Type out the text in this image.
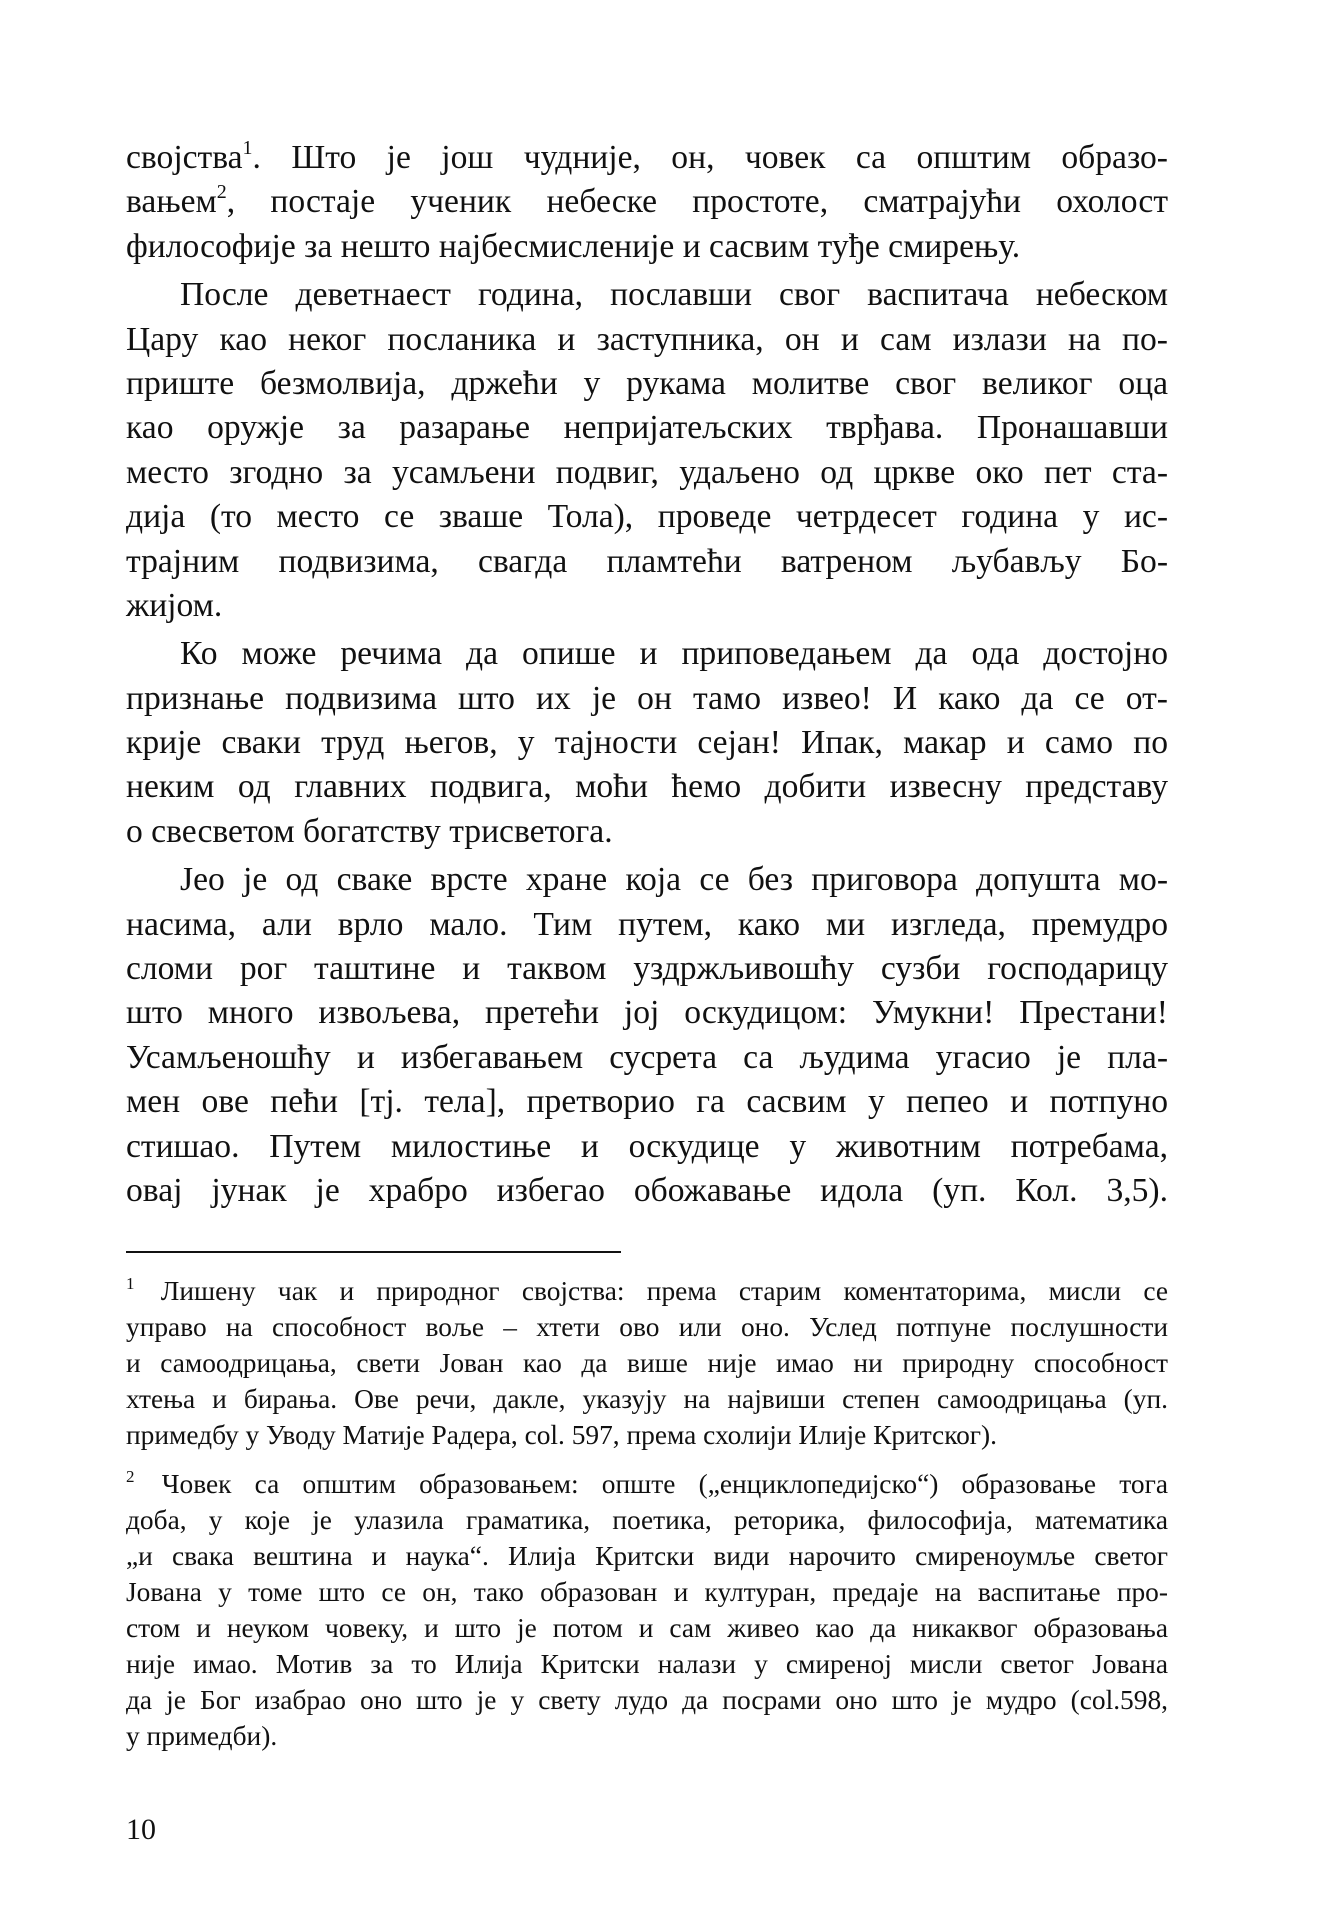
својства$^1$. Што је још чудније, он, човек са општим образо-
вањем$^2$, постаје ученик небеске простоте, сматрајући охолост
философије за нешто најбесмисленије и сасвим туђе смирењу.
После деветнаест година, пославши свог васпитача небеском
Цару као неког посланика и заступника, он и сам излази на по-
приште безмолвија, држећи у рукама молитве свог великог оца
као оружје за разарање непријатељских тврђава. Пронашавши
место згодно за усамљени подвиг, удаљено од цркве око пет ста-
дија (то место се зваше Тола), проведе четрдесет година у ис-
трајним подвизима, свагда пламтећи ватреном љубављу Бо-
жијом.
Ко може речима да опише и приповедањем да ода достојно
признање подвизима што их је он тамо извео! И како да се от-
крије сваки труд његов, у тајности сејан! Ипак, макар и само по
неким од главних подвига, моћи ћемо добити извесну представу
о свесветом богатству трисветога.
Јео је од сваке врсте хране која се без приговора допушта мо-
насима, али врло мало. Тим путем, како ми изгледа, премудро
сломи рог таштине и таквом уздржљивошћу сузби господарицу
што много извољева, претећи јој оскудицом: Умукни! Престани!
Усамљеношћу и избегавањем сусрета са људима угасио је пла-
мен ове пећи [тј. тела], претворио га сасвим у пепео и потпуно
стишао. Путем милостиње и оскудице у животним потребама,
овај јунак је храбро избегао обожавање идола (уп. Кол. 3,5).
$^1$ Лишену чак и природног својства: према старим коментаторима, мисли се
управо на способност воље – хтети ово или оно. Услед потпуне послушности
и самоодрицања, свети Јован као да више није имао ни природну способност
хтења и бирања. Ове речи, дакле, указују на највиши степен самоодрицања (уп.
примедбу у Уводу Матије Радера, col. 597, према схолији Илије Критског).
$^2$ Човек са општим образовањем: опште („енциклопедијско“) образовање тога
доба, у које је улазила граматика, поетика, реторика, философија, математика
„и свака вештина и наука“. Илија Критски види нарочито смиреноумље светог
Јована у томе што се он, тако образован и културан, предаје на васпитање про-
стом и неуком човеку, и што је потом и сам живео као да никаквог образовања
није имао. Мотив за то Илија Критски налази у смиреној мисли светог Јована
да је Бог изабрао оно што је у свету лудо да посрами оно што је мудро (col.598,
у примедби).
10
